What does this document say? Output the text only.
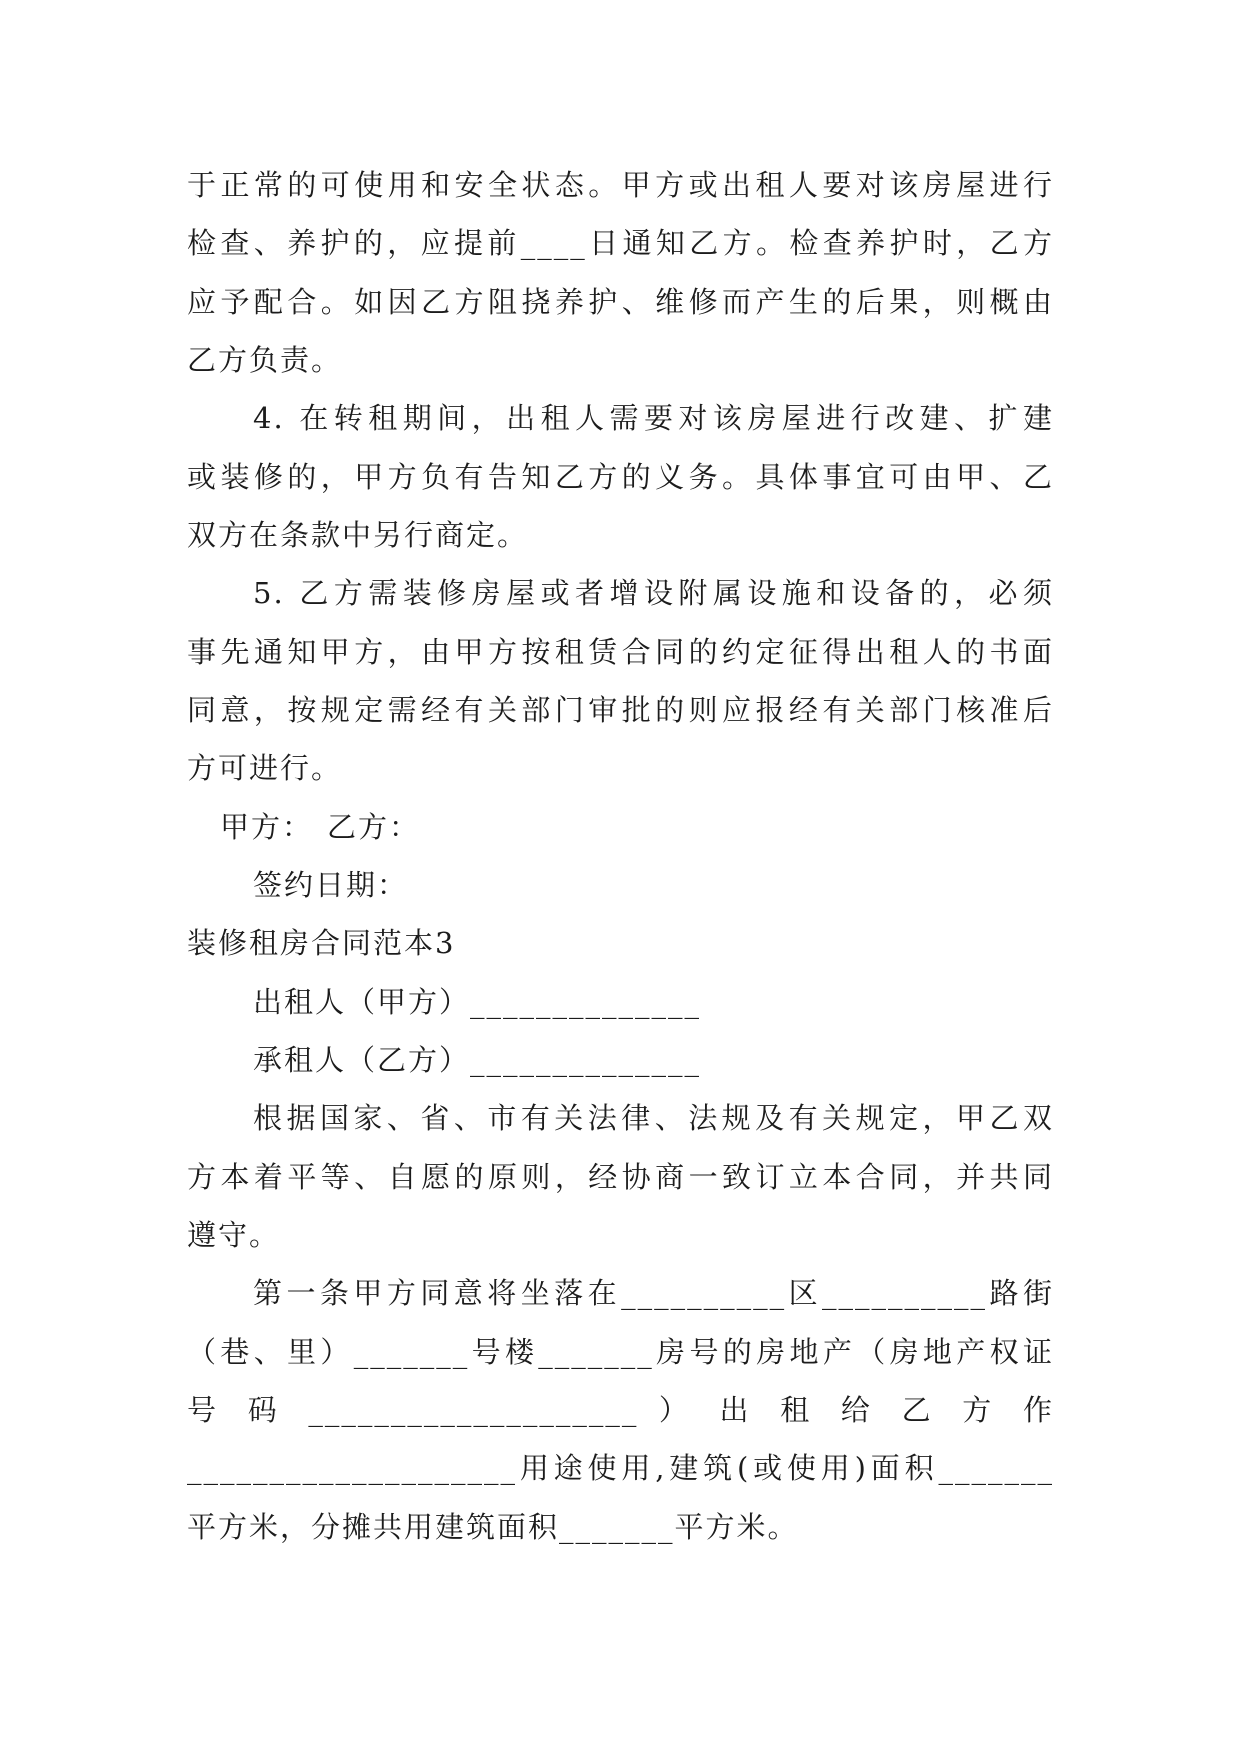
于正常的可使用和安全状态。甲方或出租人要对该房屋进行
检查、养护的，应提前____日通知乙方。检查养护时，乙方
应予配合。如因乙方阻挠养护、维修而产生的后果，则概由
乙方负责。
4. 在转租期间，出租人需要对该房屋进行改建、扩建
或装修的，甲方负有告知乙方的义务。具体事宜可由甲、乙
双方在条款中另行商定。
5. 乙方需装修房屋或者增设附属设施和设备的，必须
事先通知甲方，由甲方按租赁合同的约定征得出租人的书面
同意，按规定需经有关部门审批的则应报经有关部门核准后
方可进行。
甲方： 乙方：
签约日期：
装修租房合同范本3
出租人（甲方）______________
承租人（乙方）______________
根据国家、省、市有关法律、法规及有关规定，甲乙双
方本着平等、自愿的原则，经协商一致订立本合同，并共同
遵守。
第一条甲方同意将坐落在__________区__________路街
（巷、里）_______号楼_______房号的房地产（房地产权证
号 码 ____________________ ） 出 租 给 乙 方 作
____________________用途使用,建筑(或使用)面积_______
平方米，分摊共用建筑面积_______平方米。
